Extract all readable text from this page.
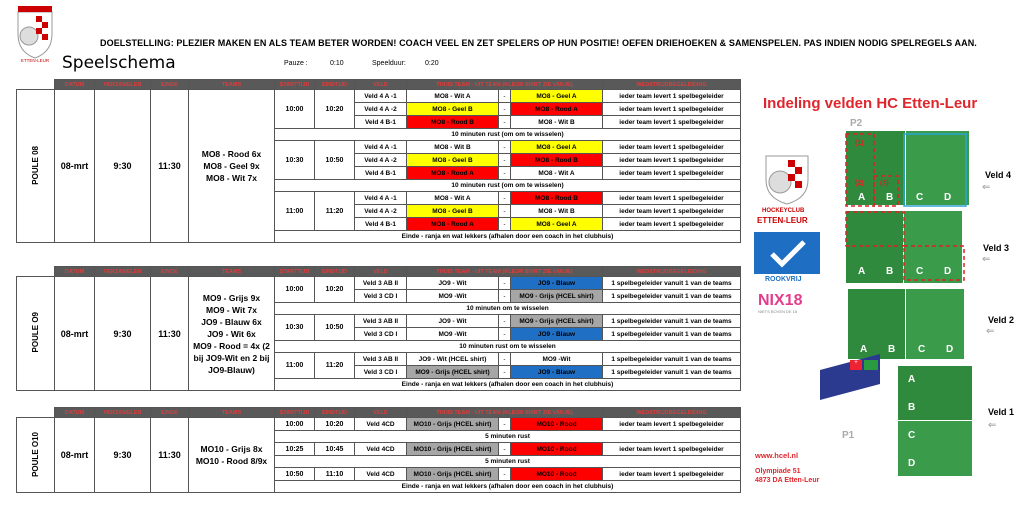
ETTEN-LEUR
DOELSTELLING: PLEZIER MAKEN EN ALS TEAM BETER WORDEN! COACH VEEL EN ZET SPELERS OP HUN POSITIE! OEFEN DRIEHOEKEN & SAMENSPELEN. PAS INDIEN NODIG SPELREGELS AAN.
Speelschema	Pauze :	0:10	Speelduur:	0:20
	DATUM	VERZAMELEN	EINDE	TEAMS	STARTTIJD	EINDTIJD	VELD	THUIS TEAM - UIT TEAM (KLEUR SHIRT ZIE VAKJE)			WEDSTRIJDBEGELEIDING
POULE 08	08-mrt	9:30	11:30	MO8 - Rood 6x
MO8 - Geel 9x
MO8 - Wit 7x	10:00	10:20	Veld 4 A -1	MO8 - Wit A	-	MO8 - Geel A	ieder team levert 1 spelbegeleider
							Veld 4 A -2	MO8 - Geel B	-	MO8 - Rood A	ieder team levert 1 spelbegeleider
							Veld 4 B-1	MO8 - Rood B	-	MO8 - Wit B	ieder team levert 1 spelbegeleider
					10 minuten rust (om om te wisselen)						
					10:30	10:50	Veld 4 A -1	MO8 - Wit B	-	MO8 - Geel A	ieder team levert 1 spelbegeleider
							Veld 4 A -2	MO8 - Geel B	-	MO8 - Rood B	ieder team levert 1 spelbegeleider
							Veld 4 B-1	MO8 - Rood A	-	MO8 - Wit A	ieder team levert 1 spelbegeleider
					10 minuten rust (om om te wisselen)						
					11:00	11:20	Veld 4 A -1	MO8 - Wit A	-	MO8 - Rood B	ieder team levert 1 spelbegeleider
							Veld 4 A -2	MO8 - Geel B	-	MO8 - Wit B	ieder team levert 1 spelbegeleider
							Veld 4 B-1	MO8 - Rood A	-	MO8 - Geel A	ieder team levert 1 spelbegeleider
					Einde - ranja en wat lekkers (afhalen door een coach in het clubhuis)						
	DATUM	VERZAMELEN	EINDE	TEAMS	STARTTIJD	EINDTIJD	VELD	THUIS TEAM - UIT TEAM (KLEUR SHIRT ZIE VAKJE)			WEDSTRIJDBEGELEIDING
POULE O9	08-mrt	9:30	11:30	MO9 - Grijs 9x
MO9 - Wit 7x
JO9 - Blauw 6x
JO9 - Wit 6x
MO9 - Rood = 4x (2 bij JO9-Wit en 2 bij JO9-Blauw)	10:00	10:20	Veld 3 AB II	JO9 - Wit	-	JO9 - Blauw	1 spelbegeleider vanuit 1 van de teams
							Veld 3 CD I	MO9 -Wit	-	MO9 - Grijs (HCEL shirt)	1 spelbegeleider vanuit 1 van de teams
					10 minuten om te wisselen						
					10:30	10:50	Veld 3 AB II	JO9 - Wit	-	MO9 - Grijs (HCEL shirt)	1 spelbegeleider vanuit 1 van de teams
							Veld 3 CD I	MO9 -Wit	-	JO9 - Blauw	1 spelbegeleider vanuit 1 van de teams
					10 minuten rust om te wisselen						
					11:00	11:20	Veld 3 AB II	JO9 - Wit (HCEL shirt)	-	MO9 -Wit	1 spelbegeleider vanuit 1 van de teams
							Veld 3 CD I	MO9 - Grijs (HCEL shirt)	-	JO9 - Blauw	1 spelbegeleider vanuit 1 van de teams
					Einde - ranja en wat lekkers (afhalen door een coach in het clubhuis)						
	DATUM	VERZAMELEN	EINDE	TEAMS	STARTTIJD	EINDTIJD	VELD	THUIS TEAM - UIT TEAM (KLEUR SHIRT ZIE VAKJE)			WEDSTRIJDBEGELEIDING
POULE O10	08-mrt	9:30	11:30	MO10 - Grijs 8x
MO10 - Rood 8/9x	10:00	10:20	Veld 4CD	MO10 - Grijs (HCEL shirt)	-	MO10 - Rood	ieder team levert 1 spelbegeleider
					5 minuten rust						
					10:25	10:45	Veld 4CD	MO10 - Grijs (HCEL shirt)	-	MO10 - Rood	ieder team levert 1 spelbegeleider
					5 minuten rust						
					10:50	11:10	Veld 4CD	MO10 - Grijs (HCEL shirt)	-	MO10 - Rood	ieder team levert 1 spelbegeleider
					Einde - ranja en wat lekkers (afhalen door een coach in het clubhuis)						
Indeling velden HC Etten-Leur
P2
P1
HOCKEYCLUB
ETTEN-LEUR
ROOKVRIJ
NIX18
NIETS BOVEN DE 18
(1)
(2) (3)
A B C D
A B C D
A B C D
A
B
C
D
+
Veld 4
Veld 3
Veld 2
Veld 1
⇐
⇐
⇐
⇐
www.hcel.nl
Olympiade 51
4873 DA Etten-Leur
